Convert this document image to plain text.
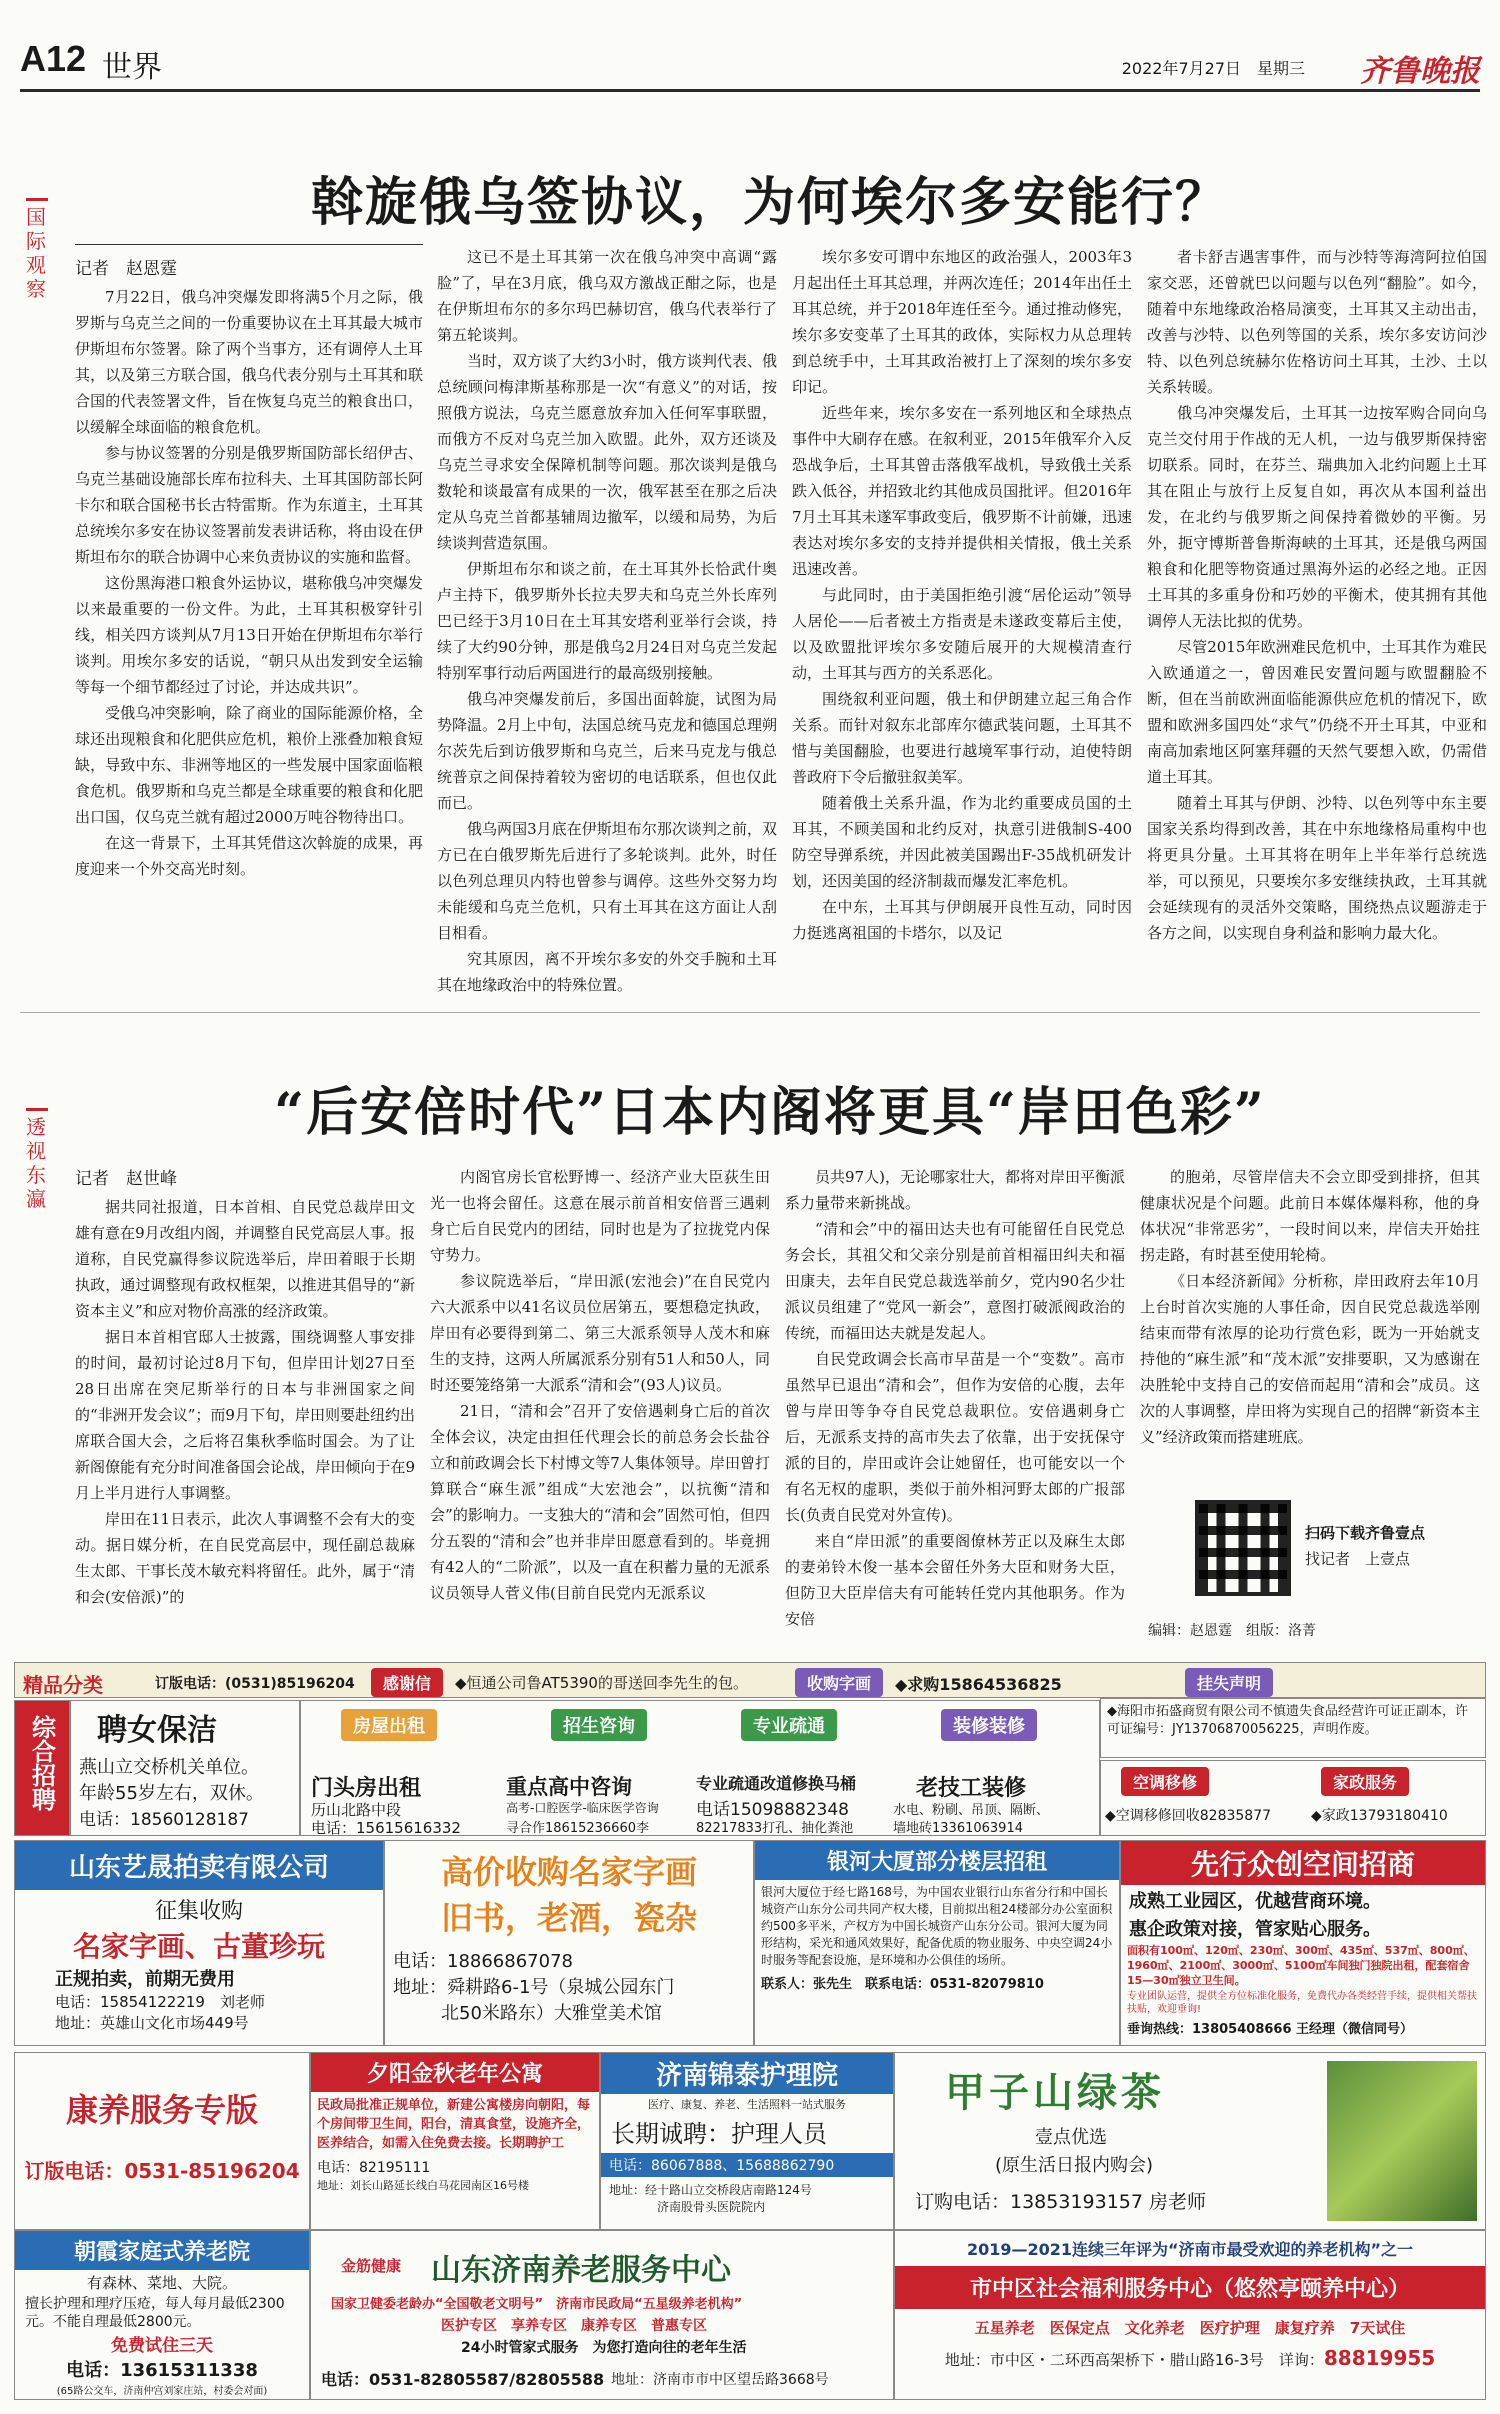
A12 世界	2022年7月27日　星期三 齐鲁晚报
斡旋俄乌签协议，为何埃尔多安能行？
国际观察
记者　赵恩霆

7月22日，俄乌冲突爆发即将满5个月之际，俄罗斯与乌克兰之间的一份重要协议在土耳其最大城市伊斯坦布尔签署。除了两个当事方，还有调停人土耳其，以及第三方联合国，俄乌代表分别与土耳其和联合国的代表签署文件，旨在恢复乌克兰的粮食出口，以缓解全球面临的粮食危机。

参与协议签署的分别是俄罗斯国防部长绍伊古、乌克兰基础设施部长库布拉科夫、土耳其国防部长阿卡尔和联合国秘书长古特雷斯。作为东道主，土耳其总统埃尔多安在协议签署前发表讲话称，将由设在伊斯坦布尔的联合协调中心来负责协议的实施和监督。

这份黑海港口粮食外运协议，堪称俄乌冲突爆发以来最重要的一份文件。为此，土耳其积极穿针引线，相关四方谈判从7月13日开始在伊斯坦布尔举行谈判。用埃尔多安的话说，“朝只从出发到安全运输等每一个细节都经过了讨论，并达成共识”。

受俄乌冲突影响，除了商业的国际能源价格，全球还出现粮食和化肥供应危机，粮价上涨叠加粮食短缺，导致中东、非洲等地区的一些发展中国家面临粮食危机。俄罗斯和乌克兰都是全球重要的粮食和化肥出口国，仅乌克兰就有超过2000万吨谷物待出口。

在这一背景下，土耳其凭借这次斡旋的成果，再度迎来一个外交高光时刻。

这已不是土耳其第一次在俄乌冲突中高调“露脸”了，早在3月底，俄乌双方激战正酣之际，也是在伊斯坦布尔的多尔玛巴赫切宫，俄乌代表举行了第五轮谈判。

当时，双方谈了大约3小时，俄方谈判代表、俄总统顾问梅津斯基称那是一次“有意义”的对话，按照俄方说法，乌克兰愿意放弃加入任何军事联盟，而俄方不反对乌克兰加入欧盟。此外，双方还谈及乌克兰寻求安全保障机制等问题。那次谈判是俄乌数轮和谈最富有成果的一次，俄军甚至在那之后决定从乌克兰首都基辅周边撤军，以缓和局势，为后续谈判营造氛围。

伊斯坦布尔和谈之前，在土耳其外长恰武什奥卢主持下，俄罗斯外长拉夫罗夫和乌克兰外长库列巴已经于3月10日在土耳其安塔利亚举行会谈，持续了大约90分钟，那是俄乌2月24日对乌克兰发起特别军事行动后两国进行的最高级别接触。

俄乌冲突爆发前后，多国出面斡旋，试图为局势降温。2月上中旬，法国总统马克龙和德国总理朔尔茨先后到访俄罗斯和乌克兰，后来马克龙与俄总统普京之间保持着较为密切的电话联系，但也仅此而已。

俄乌两国3月底在伊斯坦布尔那次谈判之前，双方已在白俄罗斯先后进行了多轮谈判。此外，时任以色列总理贝内特也曾参与调停。这些外交努力均未能缓和乌克兰危机，只有土耳其在这方面让人刮目相看。

究其原因，离不开埃尔多安的外交手腕和土耳其在地缘政治中的特殊位置。

埃尔多安可谓中东地区的政治强人，2003年3月起出任土耳其总理，并两次连任；2014年出任土耳其总统，并于2018年连任至今。通过推动修宪，埃尔多安变革了土耳其的政体，实际权力从总理转到总统手中，土耳其政治被打上了深刻的埃尔多安印记。

近些年来，埃尔多安在一系列地区和全球热点事件中大刷存在感。在叙利亚，2015年俄军介入反恐战争后，土耳其曾击落俄军战机，导致俄土关系跌入低谷，并招致北约其他成员国批评。但2016年7月土耳其未遂军事政变后，俄罗斯不计前嫌，迅速表达对埃尔多安的支持并提供相关情报，俄土关系迅速改善。

与此同时，由于美国拒绝引渡“居伦运动”领导人居伦——后者被土方指责是未遂政变幕后主使，以及欧盟批评埃尔多安随后展开的大规模清查行动，土耳其与西方的关系恶化。

围绕叙利亚问题，俄土和伊朗建立起三角合作关系。而针对叙东北部库尔德武装问题，土耳其不惜与美国翻脸，也要进行越境军事行动，迫使特朗普政府下令后撤驻叙美军。

随着俄土关系升温，作为北约重要成员国的土耳其，不顾美国和北约反对，执意引进俄制S-400防空导弹系统，并因此被美国踢出F-35战机研发计划，还因美国的经济制裁而爆发汇率危机。

在中东，土耳其与伊朗展开良性互动，同时因力挺逃离祖国的卡塔尔，以及记

者卡舒吉遇害事件，而与沙特等海湾阿拉伯国家交恶，还曾就巴以问题与以色列“翻脸”。如今，随着中东地缘政治格局演变，土耳其又主动出击，改善与沙特、以色列等国的关系，埃尔多安访问沙特、以色列总统赫尔佐格访问土耳其，土沙、土以关系转暖。

俄乌冲突爆发后，土耳其一边按军购合同向乌克兰交付用于作战的无人机，一边与俄罗斯保持密切联系。同时，在芬兰、瑞典加入北约问题上土耳其在阻止与放行上反复自如，再次从本国利益出发，在北约与俄罗斯之间保持着微妙的平衡。另外，扼守博斯普鲁斯海峡的土耳其，还是俄乌两国粮食和化肥等物资通过黑海外运的必经之地。正因土耳其的多重身份和巧妙的平衡术，使其拥有其他调停人无法比拟的优势。

尽管2015年欧洲难民危机中，土耳其作为难民入欧通道之一，曾因难民安置问题与欧盟翻脸不断，但在当前欧洲面临能源供应危机的情况下，欧盟和欧洲多国四处“求气”仍绕不开土耳其，中亚和南高加索地区阿塞拜疆的天然气要想入欧，仍需借道土耳其。

随着土耳其与伊朗、沙特、以色列等中东主要国家关系均得到改善，其在中东地缘格局重构中也将更具分量。土耳其将在明年上半年举行总统选举，可以预见，只要埃尔多安继续执政，土耳其就会延续现有的灵活外交策略，围绕热点议题游走于各方之间，以实现自身利益和影响力最大化。

“后安倍时代”日本内阁将更具“岸田色彩”
透视东瀛
记者　赵世峰

据共同社报道，日本首相、自民党总裁岸田文雄有意在9月改组内阁，并调整自民党高层人事。报道称，自民党赢得参议院选举后，岸田着眼于长期执政，通过调整现有政权框架，以推进其倡导的“新资本主义”和应对物价高涨的经济政策。

据日本首相官邸人士披露，围绕调整人事安排的时间，最初讨论过8月下旬，但岸田计划27日至28日出席在突尼斯举行的日本与非洲国家之间的“非洲开发会议”；而9月下旬，岸田则要赴纽约出席联合国大会，之后将召集秋季临时国会。为了让新阁僚能有充分时间准备国会论战，岸田倾向于在9月上半月进行人事调整。

岸田在11日表示，此次人事调整不会有大的变动。据日媒分析，在自民党高层中，现任副总裁麻生太郎、干事长茂木敏充料将留任。此外，属于“清和会(安倍派)”的

内阁官房长官松野博一、经济产业大臣荻生田光一也将会留任。这意在展示前首相安倍晋三遇刺身亡后自民党内的团结，同时也是为了拉拢党内保守势力。

参议院选举后，“岸田派(宏池会)”在自民党内六大派系中以41名议员位居第五，要想稳定执政，岸田有必要得到第二、第三大派系领导人茂木和麻生的支持，这两人所属派系分别有51人和50人，同时还要笼络第一大派系“清和会”(93人)议员。

21日，“清和会”召开了安倍遇刺身亡后的首次全体会议，决定由担任代理会长的前总务会长盐谷立和前政调会长下村博文等7人集体领导。岸田曾打算联合“麻生派”组成“大宏池会”，以抗衡“清和会”的影响力。一支独大的“清和会”固然可怕，但四分五裂的“清和会”也并非岸田愿意看到的。毕竟拥有42人的“二阶派”，以及一直在积蓄力量的无派系议员领导人菅义伟(目前自民党内无派系议

员共97人)，无论哪家壮大，都将对岸田平衡派系力量带来新挑战。

“清和会”中的福田达夫也有可能留任自民党总务会长，其祖父和父亲分别是前首相福田纠夫和福田康夫，去年自民党总裁选举前夕，党内90名少壮派议员组建了“党风一新会”，意图打破派阀政治的传统，而福田达夫就是发起人。

自民党政调会长高市早苗是一个“变数”。高市虽然早已退出“清和会”，但作为安倍的心腹，去年曾与岸田等争夺自民党总裁职位。安倍遇刺身亡后，无派系支持的高市失去了依靠，出于安抚保守派的目的，岸田或许会让她留任，也可能安以一个有名无权的虚职，类似于前外相河野太郎的广报部长(负责自民党对外宣传)。

来自“岸田派”的重要阁僚林芳正以及麻生太郎的妻弟铃木俊一基本会留任外务大臣和财务大臣，但防卫大臣岸信夫有可能转任党内其他职务。作为安倍

的胞弟，尽管岸信夫不会立即受到排挤，但其健康状况是个问题。此前日本媒体爆料称，他的身体状况“非常恶劣”，一段时间以来，岸信夫开始拄拐走路，有时甚至使用轮椅。

《日本经济新闻》分析称，岸田政府去年10月上台时首次实施的人事任命，因自民党总裁选举刚结束而带有浓厚的论功行赏色彩，既为一开始就支持他的“麻生派”和“茂木派”安排要职，又为感谢在决胜轮中支持自己的安倍而起用“清和会”成员。这次的人事调整，岸田将为实现自己的招牌“新资本主义”经济政策而搭建班底。

扫码下载齐鲁壹点
找记者　上壹点
编辑：赵恩霆　组版：洛菁
精品分类	订版电话：(0531)85196204	感谢信	◆恒通公司鲁AT5390的哥送回李先生的包。	收购字画	◆求购15864536825	挂失声明
◆海阳市拓盛商贸有限公司不慎遗失食品经营许可证正副本，许可证编号：JY13706870056225，声明作废。
综合招聘	聘女保洁
燕山立交桥机关单位。
年龄55岁左右，双休。
电话：18560128187
房屋出租	招生咨询	专业疏通	装修装修
门头房出租
历山北路中段
电话：15615616332
重点高中咨询
高考-口腔医学-临床医学咨询
寻合作18615236660李
专业疏通改道修换马桶
电话15098882348
82217833打孔、抽化粪池
老技工装修
水电、粉刷、吊顶、隔断、
墙地砖13361063914
空调移修	家政服务
◆空调移修回收82835877	◆家政13793180410
山东艺晟拍卖有限公司
征集收购
名家字画、古董珍玩
正规拍卖，前期无费用
电话：15854122219　刘老师
地址：英雄山文化市场449号
高价收购名家字画
旧书，老酒，瓷杂
电话：18866867078
地址：舜耕路6-1号（泉城公园东门
北50米路东）大雅堂美术馆
银河大厦部分楼层招租
银河大厦位于经七路168号，为中国农业银行山东省分行和中国长城资产山东分公司共同产权大楼，目前拟出租24楼部分办公室面积约500多平米，产权方为中国长城资产山东分公司。银河大厦为同形结构，采光和通风效果好，配备优质的物业服务、中央空调24小时服务等配套设施，是环境和办公俱佳的场所。
联系人：张先生　联系电话：0531-82079810
先行众创空间招商
成熟工业园区，优越营商环境。
惠企政策对接，管家贴心服务。
面积有100㎡、120㎡、230㎡、300㎡、435㎡、537㎡、800㎡、1960㎡、2100㎡、3000㎡、5100㎡车间独门独院出租，配套宿舍15—30㎡独立卫生间。
专业团队运营，提供全方位标准化服务，免费代办各类经营手续，提供相关帮扶扶贴，欢迎垂询!
垂询热线：13805408666 王经理（微信同号）
康养服务专版
订版电话：0531-85196204
夕阳金秋老年公寓
民政局批准正规单位，新建公寓楼房向朝阳，每个房间带卫生间，阳台，清真食堂，设施齐全，医养结合，如需入住免费去接。长期聘护工
电话：82195111
地址：刘长山路延长线白马花园南区16号楼
济南锦泰护理院
医疗、康复、养老、生活照料一站式服务
长期诚聘：护理人员
电话：86067888、15688862790
地址：经十路山立交桥段店南路124号
济南股骨头医院院内
甲子山绿茶
壹点优选
(原生活日报内购会)
订购电话：13853193157 房老师
朝霞家庭式养老院
有森林、菜地、大院。
擅长护理和理疗压疮，每人每月最低2300元。不能自理最低2800元。
免费试住三天
电话：13615311338
(65路公交车，济南仲宫刘家庄站，村委会对面)
金筋健康 山东济南养老服务中心
国家卫健委老龄办“全国敬老文明号”　济南市民政局“五星级养老机构”
医护专区　享养专区　康养专区　普惠专区
24小时管家式服务　为您打造向往的老年生活
电话：0531-82805587/82805588 地址：济南市市中区望岳路3668号
2019—2021连续三年评为“济南市最受欢迎的养老机构”之一
市中区社会福利服务中心（悠然亭颐养中心）
五星养老　医保定点　文化养老　医疗护理　康复疗养　7天试住
地址：市中区・二环西高架桥下・腊山路16-3号　详询：88819955
